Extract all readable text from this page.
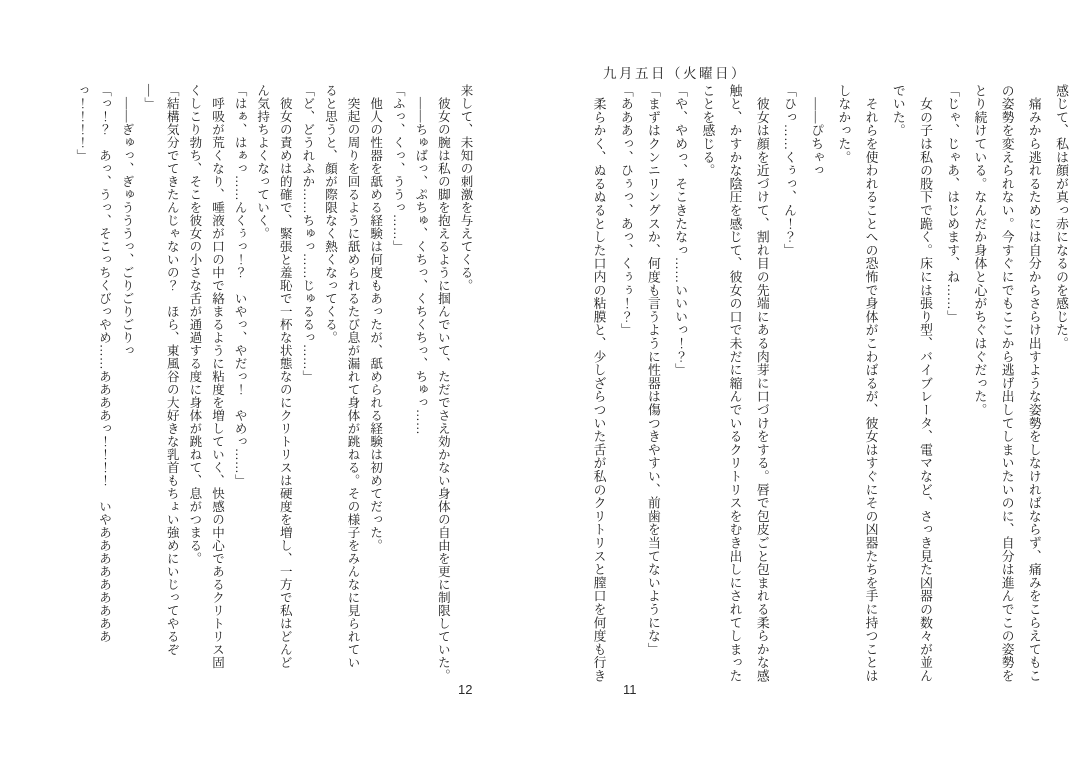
九月五日（火曜日）
感じて、私は顔が真っ赤になるのを感じた。
　痛みから逃れるためには自分からさらけ出すような姿勢をしなければならず、痛みをこらえてもこ
の姿勢を変えられない。今すぐにでもここから逃げ出してしまいたいのに、自分は進んでこの姿勢を
とり続けている。なんだか身体と心がちぐはぐだった。
「じゃ、じゃあ、はじめます、ね……」
　女の子は私の股下で跪く。床には張り型、バイブレータ、電マなど、さっき見た凶器の数々が並ん
でいた。
　それらを使われることへの恐怖で身体がこわばるが、彼女はすぐにその凶器たちを手に持つことは
しなかった。
　――ぴちゃっ
「ひっ……くぅっ、ん！？」
　彼女は顔を近づけて、割れ目の先端にある肉芽に口づけをする。唇で包皮ごと包まれる柔らかな感
触と、かすかな陰圧を感じて、彼女の口で未だに縮んでいるクリトリスをむき出しにされてしまった
ことを感じる。
「や、やめっ、そこきたなっ……いいいっ！？」
「まずはクンニリングスか、何度も言うように性器は傷つきやすい、前歯を当てないようにな」
「あああっ、ひぅっ、あっ、くぅぅ！？」
　柔らかく、ぬるぬるとした口内の粘膜と、少しざらついた舌が私のクリトリスと膣口を何度も行き
11
来して、未知の刺激を与えてくる。
　彼女の腕は私の脚を抱えるように掴んでいて、ただでさえ効かない身体の自由を更に制限していた。
　――ちゅばっ、ぷちゅ、くちっ、くちくちっ、ちゅっ……
「ふっ、くっ、ううっ……」
　他人の性器を舐める経験は何度もあったが、舐められる経験は初めてだった。
　突起の周りを回るように舐められるたび息が漏れて身体が跳ねる。その様子をみんなに見られてい
ると思うと、顔が際限なく熱くなってくる。
「ど、どうれふか……ちゅっ……じゅるるっ……」
　彼女の責めは的確で、緊張と羞恥で一杯な状態なのにクリトリスは硬度を増し、一方で私はどんど
ん気持ちよくなっていく。
「はぁ、はぁっ……んくぅっ！？　いやっ、やだっ！　やめっ……」
　呼吸が荒くなり、唾液が口の中で絡まるように粘度を増していく、快感の中心であるクリトリス固
くしこり勃ち、そこを彼女の小さな舌が通過する度に身体が跳ねて、息がつまる。
「結構気分でてきたんじゃないの？　ほら、東風谷の大好きな乳首もちょい強めにいじってやるぞ
―」
　――ぎゅっ、ぎゅうううっ、ごりごりごりっ
「っ！？　あっ、うっ、そこっちくびっやめ……ああああっ！！！！　いやあああああああああ
っ！！！！」
12
